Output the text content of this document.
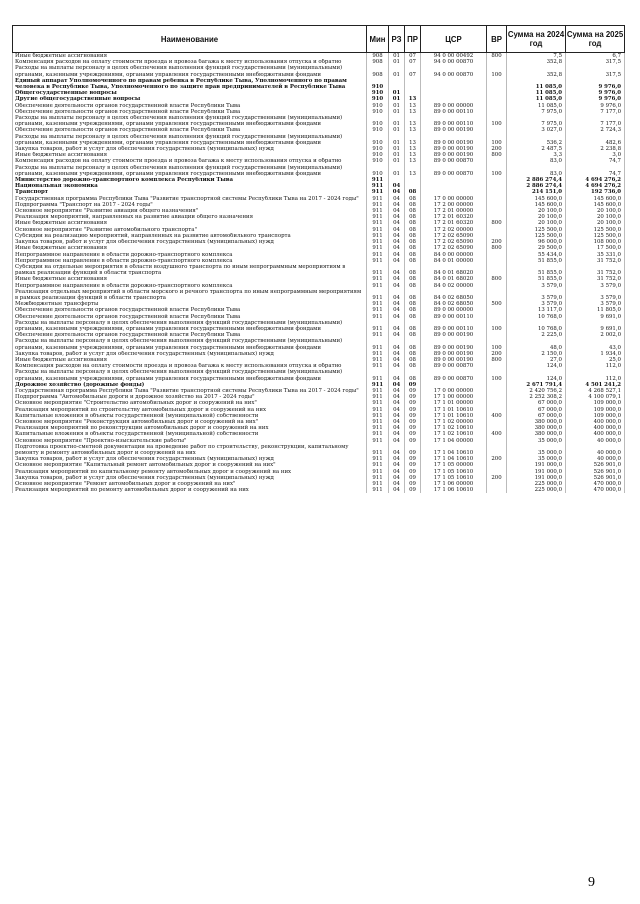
Наименование	Мин	РЗ	ПР	ЦСР	ВР	Сумма на 2024 год	Сумма на 2025 год
Иные бюджетные ассигнования	908	01	07	94 0 00 00492	800	7,5	6,7
Компенсация расходов на оплату стоимости проезда и провоза багажа к месту использования отпуска и обратно	908	01	07	94 0 00 00870		352,8	317,5
Расходы на выплаты персоналу в целях обеспечения выполнения функций государственными (муниципальными) органами, казенными учреждениями, органами управления государственными внебюджетными фондами	908	01	07	94 0 00 00870	100	352,8	317,5
Единый аппарат Уполномоченного по правам ребенка в Республике Тыва, Уполномоченного по правам человека в Республике Тыва, Уполномоченного по защите прав предпринимателей в Республике Тыва	910					11 085,0	9 976,0
Общегосударственные вопросы	910	01				11 085,0	9 976,0
Другие общегосударственные вопросы	910	01	13			11 085,0	9 976,0
Обеспечение деятельности органов государственной власти Республики Тыва	910	01	13	89 0 00 00000		11 085,0	9 976,0
Обеспечение деятельности органов государственной власти Республики Тыва	910	01	13	89 0 00 00110		7 975,0	7 177,0
Расходы на выплаты персоналу в целях обеспечения выполнения функций государственными (муниципальными) органами, казенными учреждениями, органами управления государственными внебюджетными фондами	910	01	13	89 0 00 00110	100	7 975,0	7 177,0
Обеспечение деятельности органов государственной власти Республики Тыва	910	01	13	89 0 00 00190		3 027,0	2 724,3
Расходы на выплаты персоналу в целях обеспечения выполнения функций государственными (муниципальными) органами, казенными учреждениями, органами управления государственными внебюджетными фондами	910	01	13	89 0 00 00190	100	536,2	482,6
Закупка товаров, работ и услуг для обеспечения государственных (муниципальных) нужд	910	01	13	89 0 00 00190	200	2 487,5	2 238,8
Иные бюджетные ассигнования	910	01	13	89 0 00 00190	800	3,3	3,0
Компенсация расходов на оплату стоимости проезда и провоза багажа к месту использования отпуска и обратно	910	01	13	89 0 00 00870		83,0	74,7
Расходы на выплаты персоналу в целях обеспечения выполнения функций государственными (муниципальными) органами, казенными учреждениями, органами управления государственными внебюджетными фондами	910	01	13	89 0 00 00870	100	83,0	74,7
Министерство дорожно-транспортного комплекса Республики Тыва	911					2 886 274,4	4 694 276,2
Национальная экономика	911	04				2 886 274,4	4 694 276,2
Транспорт	911	04	08			214 151,0	192 736,0
Государственная программа Республики Тыва "Развитие транспортной системы Республики Тыва на 2017 - 2024 годы"	911	04	08	17 0 00 00000		145 600,0	145 600,0
Подпрограмма "Транспорт на 2017 - 2024 годы"	911	04	08	17 2 00 00000		145 600,0	145 600,0
Основное мероприятие "Развитие авиации общего назначения"	911	04	08	17 2 01 00000		20 100,0	20 100,0
Реализация мероприятий, направленных на развитие авиации общего назначения	911	04	08	17 2 01 60320		20 100,0	20 100,0
Иные бюджетные ассигнования	911	04	08	17 2 01 60320	800	20 100,0	20 100,0
Основное мероприятие "Развитие автомобильного транспорта"	911	04	08	17 2 02 00000		125 500,0	125 500,0
Субсидии на реализацию мероприятий, направленных на развитие автомобильного транспорта	911	04	08	17 2 02 65090		125 500,0	125 500,0
Закупка товаров, работ и услуг для обеспечения государственных (муниципальных) нужд	911	04	08	17 2 02 65090	200	96 000,0	108 000,0
Иные бюджетные ассигнования	911	04	08	17 2 02 65090	800	29 500,0	17 500,0
Непрограммное направление в области дорожно-транспортного комплекса	911	04	08	84 0 00 00000		55 434,0	35 331,0
Непрограммное направление в области дорожно-транспортного комплекса	911	04	08	84 0 01 00000		51 855,0	31 752,0
Субсидии на отдельные мероприятия в области воздушного транспорта по иным непрограммным мероприятиям в рамках реализации функций в области транспорта	911	04	08	84 0 01 68020		51 855,0	31 752,0
Иные бюджетные ассигнования	911	04	08	84 0 01 68020	800	51 855,0	31 752,0
Непрограммное направление в области дорожно-транспортного комплекса	911	04	08	84 0 02 00000		3 579,0	3 579,0
Реализация отдельных мероприятий в области морского и речного транспорта по иным непрограммным мероприятиям в рамках реализации функций в области транспорта	911	04	08	84 0 02 68050		3 579,0	3 579,0
Межбюджетные трансферты	911	04	08	84 0 02 68050	500	3 579,0	3 579,0
Обеспечение деятельности органов государственной власти Республики Тыва	911	04	08	89 0 00 00000		13 117,0	11 805,0
Обеспечение деятельности органов государственной власти Республики Тыва	911	04	08	89 0 00 00110		10 768,0	9 691,0
Расходы на выплаты персоналу в целях обеспечения выполнения функций государственными (муниципальными) органами, казенными учреждениями, органами управления государственными внебюджетными фондами	911	04	08	89 0 00 00110	100	10 768,0	9 691,0
Обеспечение деятельности органов государственной власти Республики Тыва	911	04	08	89 0 00 00190		2 225,0	2 002,0
Расходы на выплаты персоналу в целях обеспечения выполнения функций государственными (муниципальными) органами, казенными учреждениями, органами управления государственными внебюджетными фондами	911	04	08	89 0 00 00190	100	48,0	43,0
Закупка товаров, работ и услуг для обеспечения государственных (муниципальных) нужд	911	04	08	89 0 00 00190	200	2 150,0	1 934,0
Иные бюджетные ассигнования	911	04	08	89 0 00 00190	800	27,0	25,0
Компенсация расходов на оплату стоимости проезда и провоза багажа к месту использования отпуска и обратно	911	04	08	89 0 00 00870		124,0	112,0
Расходы на выплаты персоналу в целях обеспечения выполнения функций государственными (муниципальными) органами, казенными учреждениями, органами управления государственными внебюджетными фондами	911	04	08	89 0 00 00870	100	124,0	112,0
Дорожное хозяйство (дорожные фонды)	911	04	09			2 671 791,4	4 501 241,2
Государственная программа Республики Тыва "Развитие транспортной системы Республики Тыва на 2017 - 2024 годы"	911	04	09	17 0 00 00000		2 420 756,2	4 268 527,1
Подпрограмма "Автомобильные дороги и дорожное хозяйство на 2017 - 2024 годы"	911	04	09	17 1 00 00000		2 252 308,2	4 100 079,1
Основное мероприятие "Строительство автомобильных дорог и сооружений на них"	911	04	09	17 1 01 00000		67 000,0	109 000,0
Реализация мероприятий по строительству автомобильных дорог и сооружений на них	911	04	09	17 1 01 10610		67 000,0	109 000,0
Капитальные вложения в объекты государственной (муниципальной) собственности	911	04	09	17 1 01 10610	400	67 000,0	109 000,0
Основное мероприятие "Реконструкция автомобильных дорог и сооружений на них"	911	04	09	17 1 02 00000		380 000,0	400 000,0
Реализация мероприятий по реконструкции автомобильных дорог и сооружений на них	911	04	09	17 1 02 10610		380 000,0	400 000,0
Капитальные вложения в объекты государственной (муниципальной) собственности	911	04	09	17 1 02 10610	400	380 000,0	400 000,0
Основное мероприятие "Проектно-изыскательские работы"	911	04	09	17 1 04 00000		35 000,0	40 000,0
Подготовка проектно-сметной документации на проведение работ по строительству, реконструкции, капитальному ремонту и ремонту автомобильных дорог и сооружений на них	911	04	09	17 1 04 10610		35 000,0	40 000,0
Закупка товаров, работ и услуг для обеспечения государственных (муниципальных) нужд	911	04	09	17 1 04 10610	200	35 000,0	40 000,0
Основное мероприятие "Капитальный ремонт автомобильных дорог и сооружений на них"	911	04	09	17 1 05 00000		191 000,0	526 901,0
Реализация мероприятий по капитальному ремонту автомобильных дорог и сооружений на них	911	04	09	17 1 05 10610		191 000,0	526 901,0
Закупка товаров, работ и услуг для обеспечения государственных (муниципальных) нужд	911	04	09	17 1 05 10610	200	191 000,0	526 901,0
Основное мероприятие "Ремонт автомобильных дорог и сооружений на них"	911	04	09	17 1 06 00000		225 000,0	470 000,0
Реализация мероприятий по ремонту автомобильных дорог и сооружений на них	911	04	09	17 1 06 10610		225 000,0	470 000,0
9
